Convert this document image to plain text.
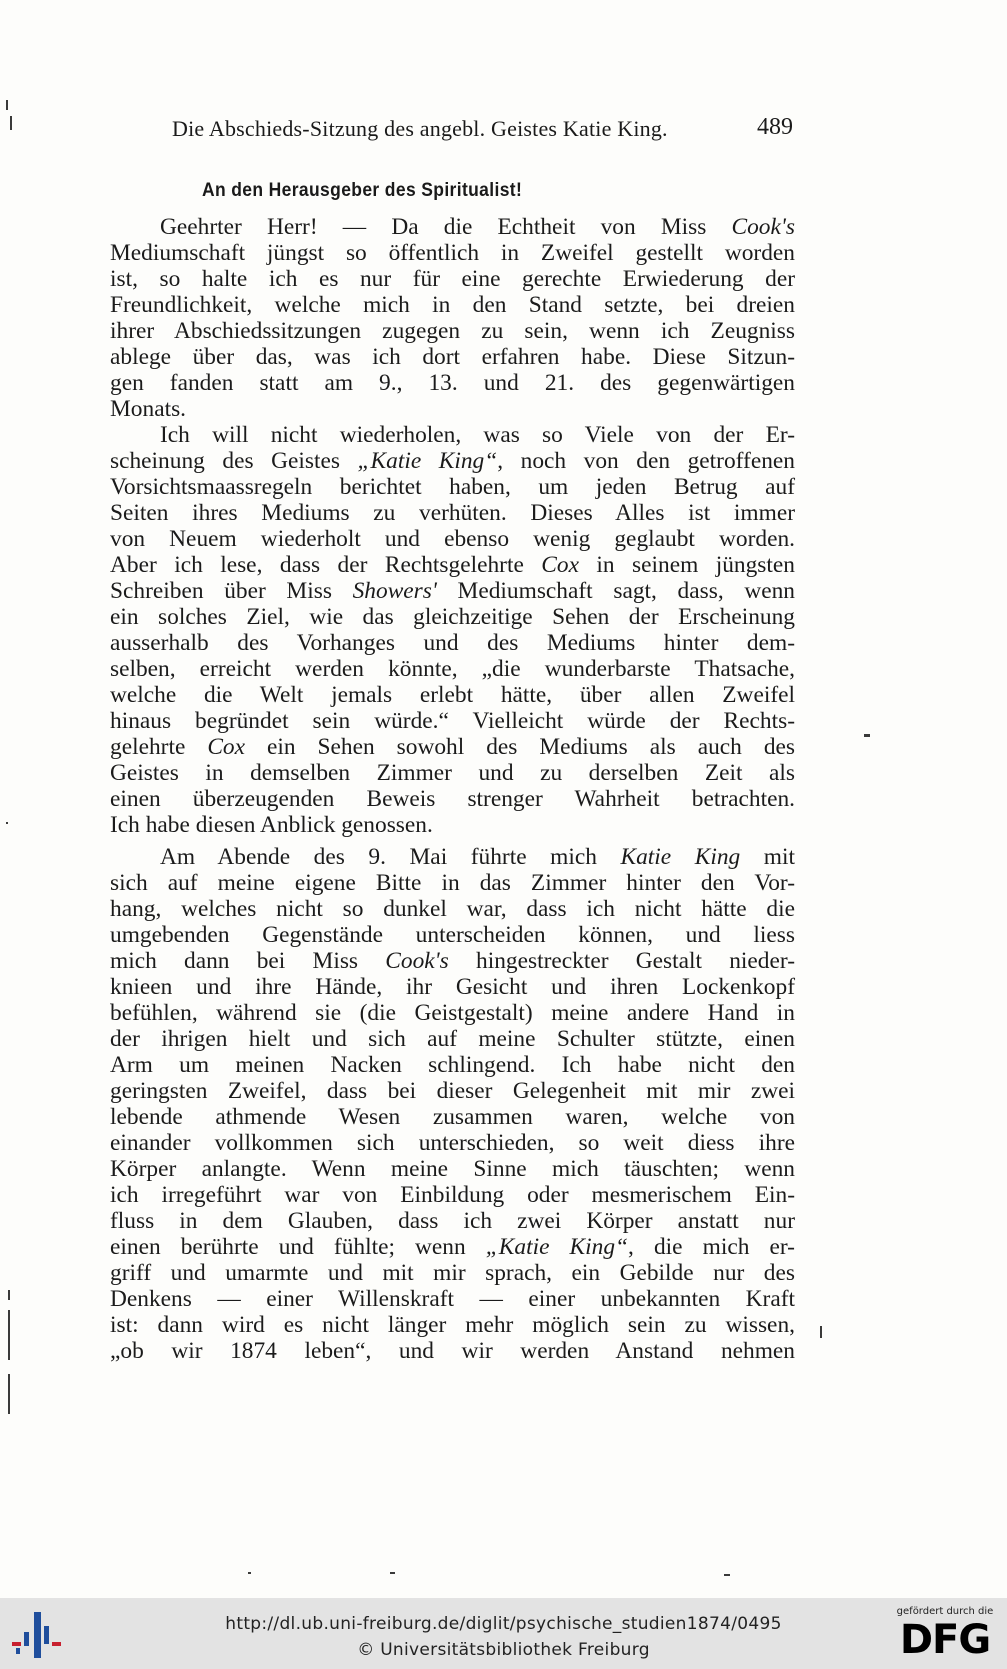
Die Abschieds-Sitzung des angebl. Geistes Katie King.	489
An den Herausgeber des Spiritualist!
Geehrter Herr! — Da die Echtheit von Miss Cook's
Mediumschaft jüngst so öffentlich in Zweifel gestellt worden
ist, so halte ich es nur für eine gerechte Erwiederung der
Freundlichkeit, welche mich in den Stand setzte, bei dreien
ihrer Abschiedssitzungen zugegen zu sein, wenn ich Zeugniss
ablege über das, was ich dort erfahren habe. Diese Sitzun-
gen fanden statt am 9., 13. und 21. des gegenwärtigen
Monats.
Ich will nicht wiederholen, was so Viele von der Er-
scheinung des Geistes „Katie King“, noch von den getroffenen
Vorsichtsmaassregeln berichtet haben, um jeden Betrug auf
Seiten ihres Mediums zu verhüten. Dieses Alles ist immer
von Neuem wiederholt und ebenso wenig geglaubt worden.
Aber ich lese, dass der Rechtsgelehrte Cox in seinem jüngsten
Schreiben über Miss Showers' Mediumschaft sagt, dass, wenn
ein solches Ziel, wie das gleichzeitige Sehen der Erscheinung
ausserhalb des Vorhanges und des Mediums hinter dem-
selben, erreicht werden könnte, „die wunderbarste Thatsache,
welche die Welt jemals erlebt hätte, über allen Zweifel
hinaus begründet sein würde.“ Vielleicht würde der Rechts-
gelehrte Cox ein Sehen sowohl des Mediums als auch des
Geistes in demselben Zimmer und zu derselben Zeit als
einen überzeugenden Beweis strenger Wahrheit betrachten.
Ich habe diesen Anblick genossen.
Am Abende des 9. Mai führte mich Katie King mit
sich auf meine eigene Bitte in das Zimmer hinter den Vor-
hang, welches nicht so dunkel war, dass ich nicht hätte die
umgebenden Gegenstände unterscheiden können, und liess
mich dann bei Miss Cook's hingestreckter Gestalt nieder-
knieen und ihre Hände, ihr Gesicht und ihren Lockenkopf
befühlen, während sie (die Geistgestalt) meine andere Hand in
der ihrigen hielt und sich auf meine Schulter stützte, einen
Arm um meinen Nacken schlingend. Ich habe nicht den
geringsten Zweifel, dass bei dieser Gelegenheit mit mir zwei
lebende athmende Wesen zusammen waren, welche von
einander vollkommen sich unterschieden, so weit diess ihre
Körper anlangte. Wenn meine Sinne mich täuschten; wenn
ich irregeführt war von Einbildung oder mesmerischem Ein-
fluss in dem Glauben, dass ich zwei Körper anstatt nur
einen berührte und fühlte; wenn „Katie King“, die mich er-
griff und umarmte und mit mir sprach, ein Gebilde nur des
Denkens — einer Willenskraft — einer unbekannten Kraft
ist: dann wird es nicht länger mehr möglich sein zu wissen,
„ob wir 1874 leben“, und wir werden Anstand nehmen
http://dl.ub.uni-freiburg.de/diglit/psychische_studien1874/0495
© Universitätsbibliothek Freiburg
gefördert durch die
DFG
